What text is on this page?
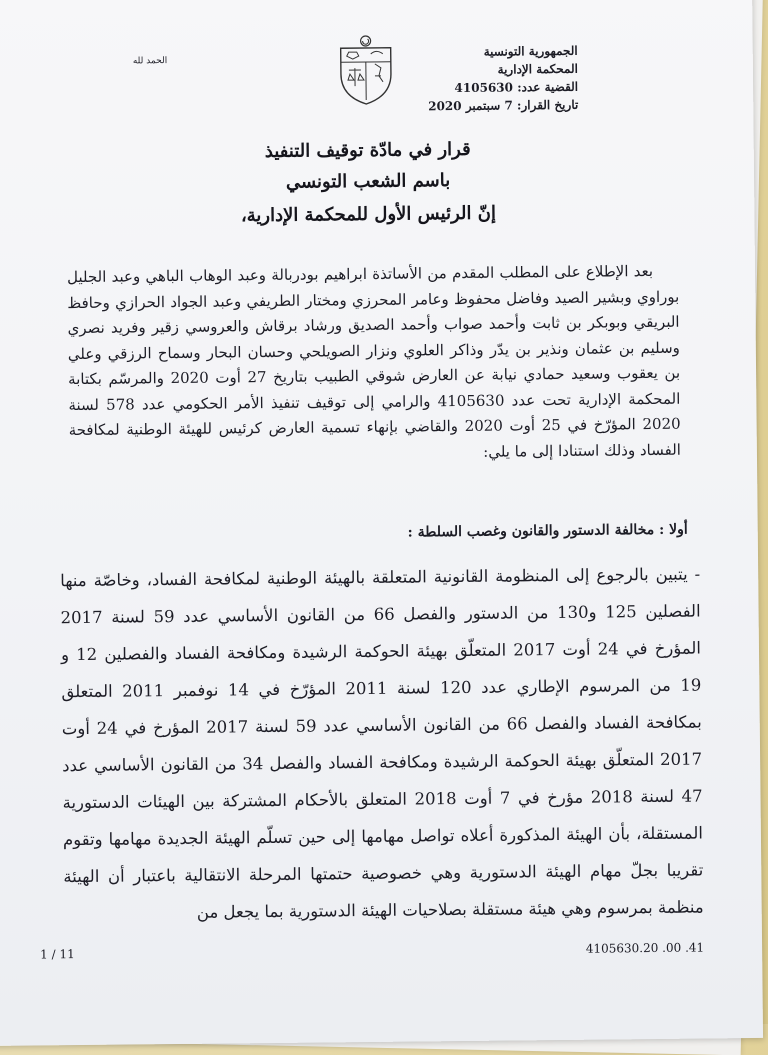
الحمد لله
الجمهورية التونسية
المحكمة الإدارية
القضية عدد: 4105630
تاريخ القرار: 7 سبتمبر 2020
قرار في مادّة توقيف التنفيذ
باسم الشعب التونسي
إنّ الرئيس الأول للمحكمة الإدارية،

بعد الإطلاع على المطلب المقدم من الأساتذة ابراهيم بودربالة وعبد الوهاب الباهي وعبد الجليل بوراوي وبشير الصيد وفاضل محفوظ وعامر المحرزي ومختار الطريفي وعبد الجواد الحرازي وحافظ البريقي وبوبكر بن ثابت وأحمد صواب وأحمد الصديق ورشاد برقاش والعروسي زقير وفريد نصري وسليم بن عثمان ونذير بن يدّر وذاكر العلوي ونزار الصويلحي وحسان البحار وسماح الرزقي وعلي بن يعقوب وسعيد حمادي نيابة عن العارض شوقي الطبيب بتاريخ 27 أوت 2020 والمرسّم بكتابة المحكمة الإدارية تحت عدد 4105630 والرامي إلى توقيف تنفيذ الأمر الحكومي عدد 578 لسنة 2020 المؤرّخ في 25 أوت 2020 والقاضي بإنهاء تسمية العارض كرئيس للهيئة الوطنية لمكافحة الفساد وذلك استنادا إلى ما يلي:

أولا : مخالفة الدستور والقانون وغصب السلطة :

- يتبين بالرجوع إلى المنظومة القانونية المتعلقة بالهيئة الوطنية لمكافحة الفساد، وخاصّة منها الفصلين 125 و130 من الدستور والفصل 66 من القانون الأساسي عدد 59 لسنة 2017 المؤرخ في 24 أوت 2017 المتعلّق بهيئة الحوكمة الرشيدة ومكافحة الفساد والفصلين 12 و 19 من المرسوم الإطاري عدد 120 لسنة 2011 المؤرّخ في 14 نوفمبر 2011 المتعلق بمكافحة الفساد والفصل 66 من القانون الأساسي عدد 59 لسنة 2017 المؤرخ في 24 أوت 2017 المتعلّق بهيئة الحوكمة الرشيدة ومكافحة الفساد والفصل 34 من القانون الأساسي عدد 47 لسنة 2018 مؤرخ في 7 أوت 2018 المتعلق بالأحكام المشتركة بين الهيئات الدستورية المستقلة، بأن الهيئة المذكورة أعلاه تواصل مهامها إلى حين تسلّم الهيئة الجديدة مهامها وتقوم تقريبا بجلّ مهام الهيئة الدستورية وهي خصوصية حتمتها المرحلة الانتقالية باعتبار أن الهيئة منظمة بمرسوم وهي هيئة مستقلة بصلاحيات الهيئة الدستورية بما يجعل من

1 / 11	4105630.20 .00 .41
